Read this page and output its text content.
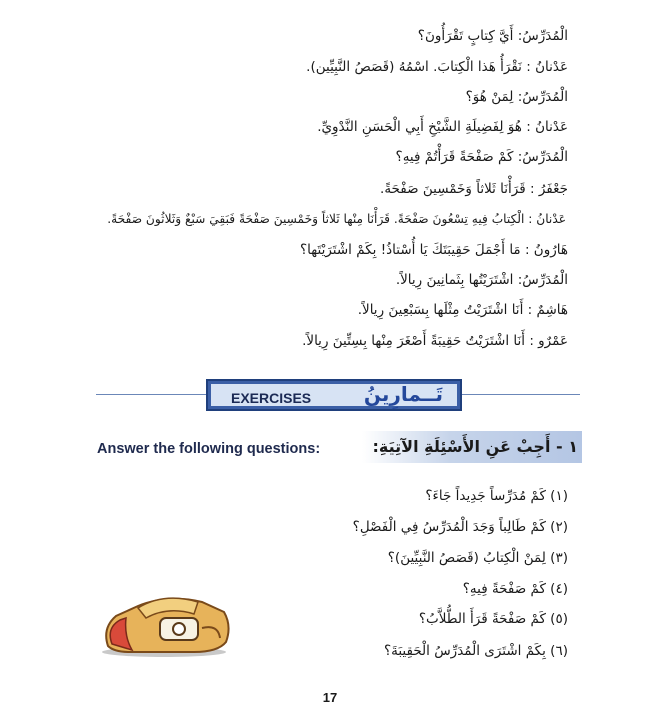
الْمُدَرِّسُ: أَيَّ كِتابٍ تَقْرَأُونَ؟
عَدْنانُ : نَقْرَأُ هَذا الْكِتابَ. اسْمُهُ (قَصَصُ النَّبِيِّين).
الْمُدَرِّسُ: لِمَنْ هُوَ؟
عَدْنانُ : هُوَ لِفَضِيلَةِ الشَّيْخِ أَبِي الْحَسَنِ النَّدْوِيِّ.
الْمُدَرِّسُ: كَمْ صَفْحَةً قَرَأْتُمْ فِيهِ؟
جَعْفَرُ : قَرَأْنَا ثَلاثاً وَخَمْسِينَ صَفْحَةً.
عَدْنانُ : الْكِتابُ فِيهِ تِسْعُونَ صَفْحَةً. قَرَأْنَا مِنْها ثَلاثاً وَخَمْسِينَ صَفْحَةً فَبَقِيَ سَبْعٌ وَثَلاثُونَ صَفْحَةً.
هَارُونُ : مَا أَجْمَلَ حَقِيبَتَكَ يَا أُسْتاذُ! بِكَمْ اشْتَرَيْتَها؟
الْمُدَرِّسُ: اشْتَرَيْتُها بِثَمانِينَ رِيالاً.
هَاشِمٌ : أَنَا اشْتَرَيْتُ مِثْلَها بِسَبْعِينَ رِيالاً.
عَمْرٌو : أَنَا اشْتَرَيْتُ حَقِيبَةً أَصْغَرَ مِنْها بِسِتِّينَ رِيالاً.
EXERCISES	تَــمارِينُ
Answer the following questions:	١ - أَجِبْ عَنِ الأَسْئِلَةِ الآتِيَةِ:
(١) كَمْ مُدَرِّساً جَدِيداً جَاءَ؟
(٢) كَمْ طَالِباً وَجَدَ الْمُدَرِّسُ فِي الْفَصْلِ؟
(٣) لِمَنْ الْكِتابُ (قَصَصُ النَّبِيِّينَ)؟
(٤) كَمْ صَفْحَةً فِيهِ؟
(٥) كَمْ صَفْحَةً قَرَأَ الطُّلاَّبُ؟
(٦) بِكَمْ اشْتَرَى الْمُدَرِّسُ الْحَقِيبَةَ؟
17
